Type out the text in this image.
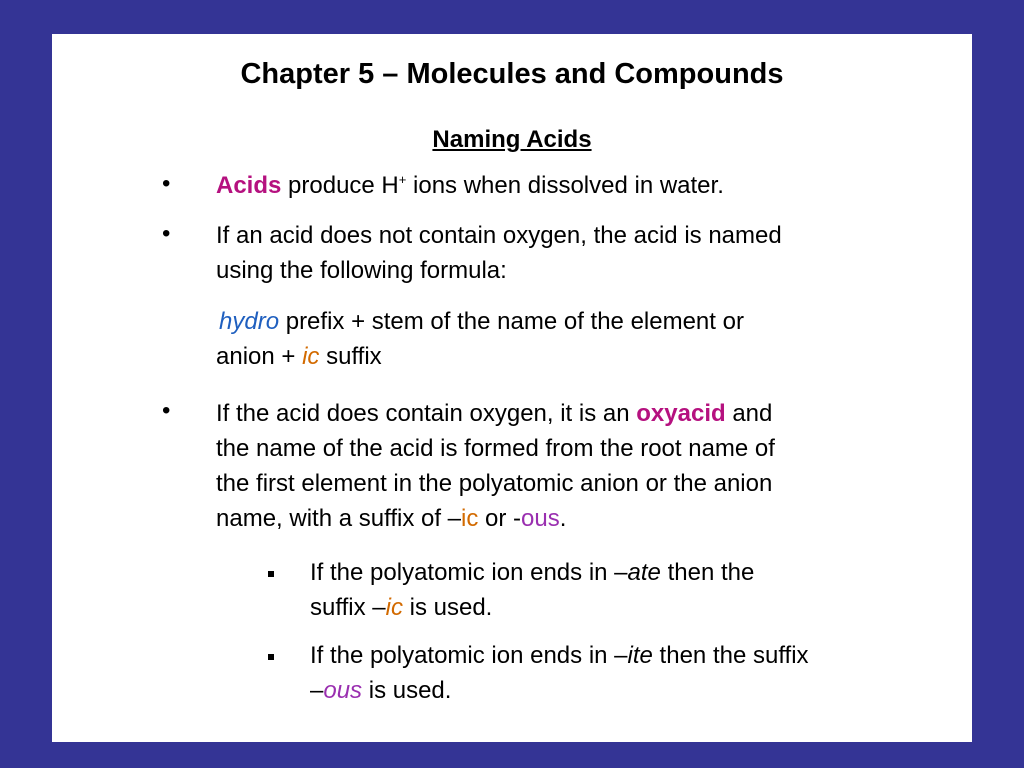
Chapter 5 – Molecules and Compounds
Naming Acids
• Acids produce H+ ions when dissolved in water.
• If an acid does not contain oxygen, the acid is named
using the following formula:
hydro prefix + stem of the name of the element or
anion + ic suffix
• If the acid does contain oxygen, it is an oxyacid and
the name of the acid is formed from the root name of
the first element in the polyatomic anion or the anion
name, with a suffix of –ic or -ous.
If the polyatomic ion ends in –ate then the
suffix –ic is used.
If the polyatomic ion ends in –ite then the suffix
–ous is used.
